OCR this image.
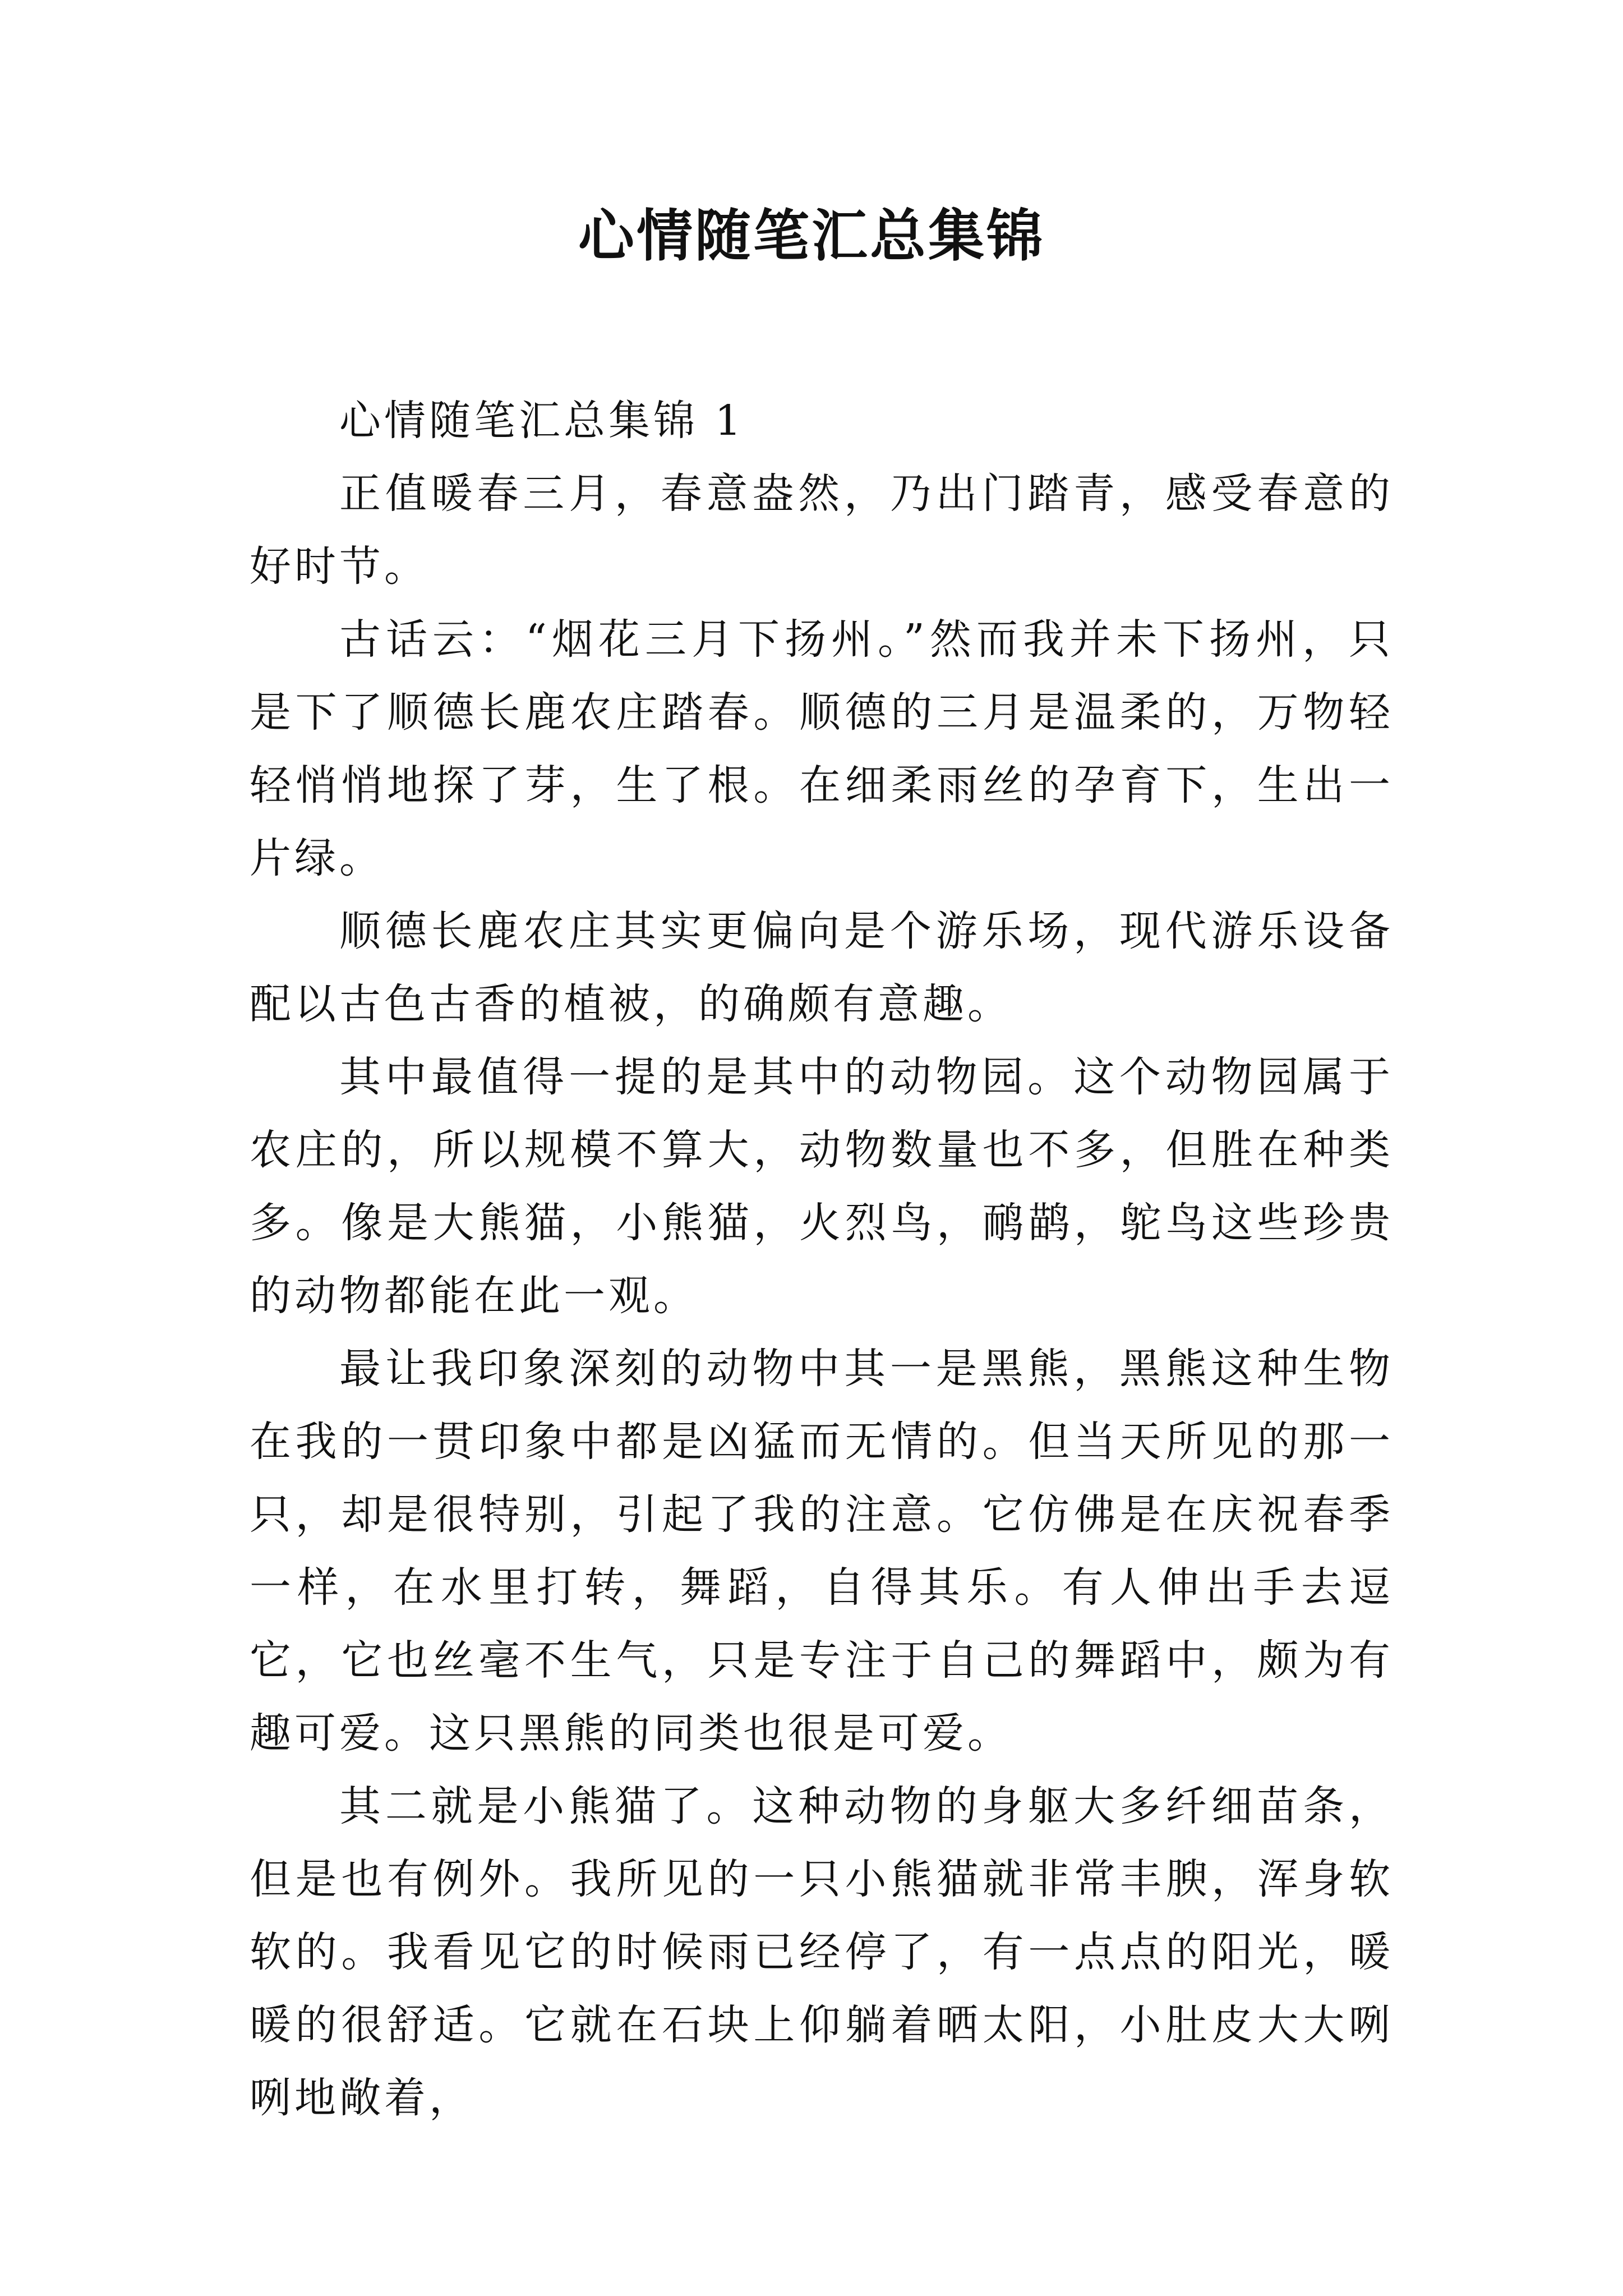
心情随笔汇总集锦

心情随笔汇总集锦 1

正值暖春三月，春意盎然，乃出门踏青，感受春意的好时节。

古话云：“烟花三月下扬州。”然而我并未下扬州，只是下了顺德长鹿农庄踏春。顺德的三月是温柔的，万物轻轻悄悄地探了芽，生了根。在细柔雨丝的孕育下，生出一片绿。

顺德长鹿农庄其实更偏向是个游乐场，现代游乐设备配以古色古香的植被，的确颇有意趣。

其中最值得一提的是其中的动物园。这个动物园属于农庄的，所以规模不算大，动物数量也不多，但胜在种类多。像是大熊猫，小熊猫，火烈鸟，鸸鹋，鸵鸟这些珍贵的动物都能在此一观。

最让我印象深刻的动物中其一是黑熊，黑熊这种生物在我的一贯印象中都是凶猛而无情的。但当天所见的那一只，却是很特别，引起了我的注意。它仿佛是在庆祝春季一样，在水里打转，舞蹈，自得其乐。有人伸出手去逗它，它也丝毫不生气，只是专注于自己的舞蹈中，颇为有趣可爱。这只黑熊的同类也很是可爱。

其二就是小熊猫了。这种动物的身躯大多纤细苗条，但是也有例外。我所见的一只小熊猫就非常丰腴，浑身软软的。我看见它的时候雨已经停了，有一点点的阳光，暖暖的很舒适。它就在石块上仰躺着晒太阳，小肚皮大大咧咧地敞着，
